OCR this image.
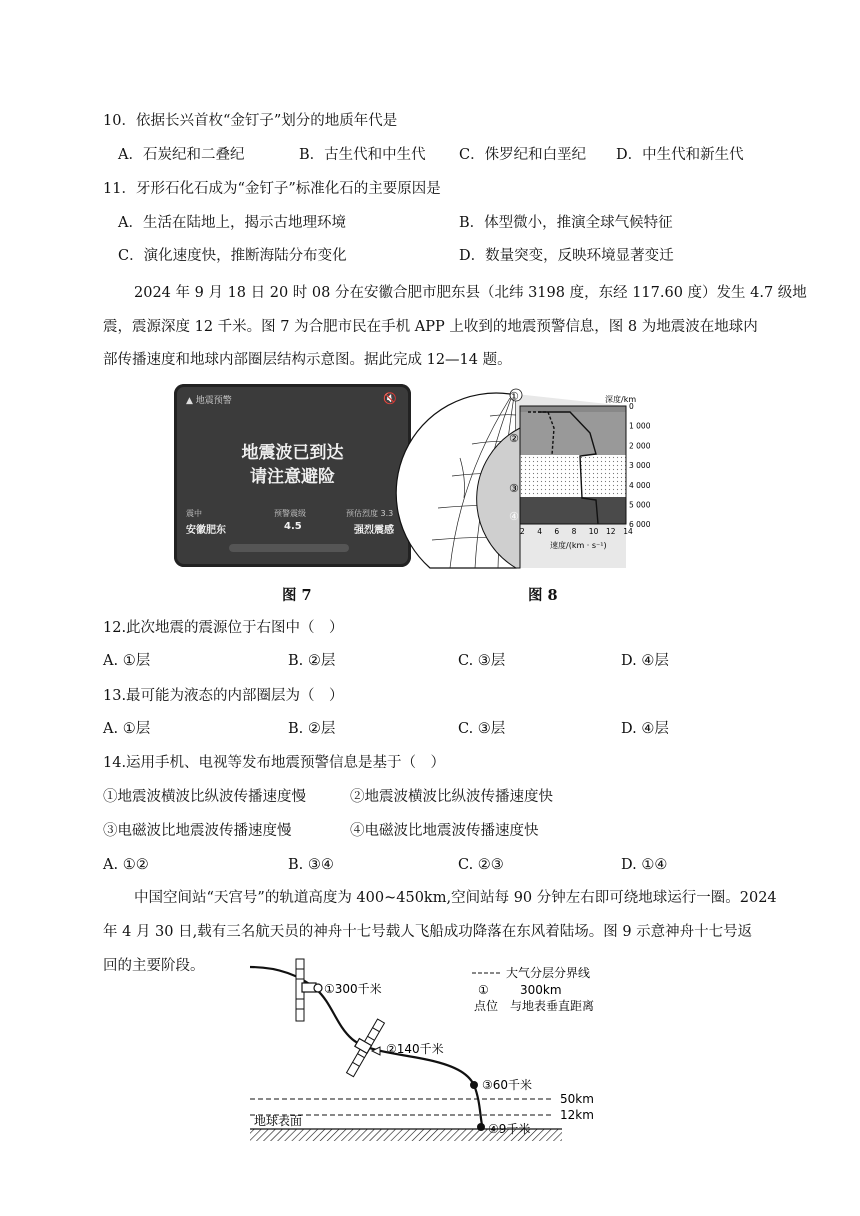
10．依据长兴首枚“金钉子”划分的地质年代是
A．石炭纪和二叠纪	B．古生代和中生代 C．侏罗纪和白垩纪 D．中生代和新生代
11．牙形石化石成为“金钉子”标准化石的主要原因是
A．生活在陆地上，揭示古地理环境	B．体型微小，推演全球气候特征
C．演化速度快，推断海陆分布变化	D．数量突变，反映环境显著变迁
2024 年 9 月 18 日 20 时 08 分在安徽合肥市肥东县（北纬 3198 度，东经 117.60 度）发生 4.7 级地
震，震源深度 12 千米。图 7 为合肥市民在手机 APP 上收到的地震预警信息，图 8 为地震波在地球内
部传播速度和地球内部圈层结构示意图。据此完成 12—14 题。
▲ 地震预警	🔇
地震波已到达
请注意避险
震中
安徽肥东
预警震级
4.5
预估烈度 3.3
强烈震感
图 7
深度/km
0
1 000
2 000
3 000
4 000
5 000
6 000
2 4 6 8 10 12 14
速度/(km · s⁻¹)
①
②
③
④
图 8
12.此次地震的震源位于右图中（　）
A. ①层	B. ②层	C. ③层	D. ④层
13.最可能为液态的内部圈层为（　）
A. ①层	B. ②层	C. ③层	D. ④层
14.运用手机、电视等发布地震预警信息是基于（　）
①地震波横波比纵波传播速度慢	②地震波横波比纵波传播速度快
③电磁波比地震波传播速度慢	④电磁波比地震波传播速度快
A. ①②	B. ③④	C. ②③	D. ①④
中国空间站“天宫号”的轨道高度为 400~450km,空间站每 90 分钟左右即可绕地球运行一圈。2024
年 4 月 30 日,载有三名航天员的神舟十七号载人飞船成功降落在东风着陆场。图 9 示意神舟十七号返
回的主要阶段。
①300千米
②140千米
③60千米
50km
12km
地球表面
大气分层分界线
①	300km
点位 与地表垂直距离
